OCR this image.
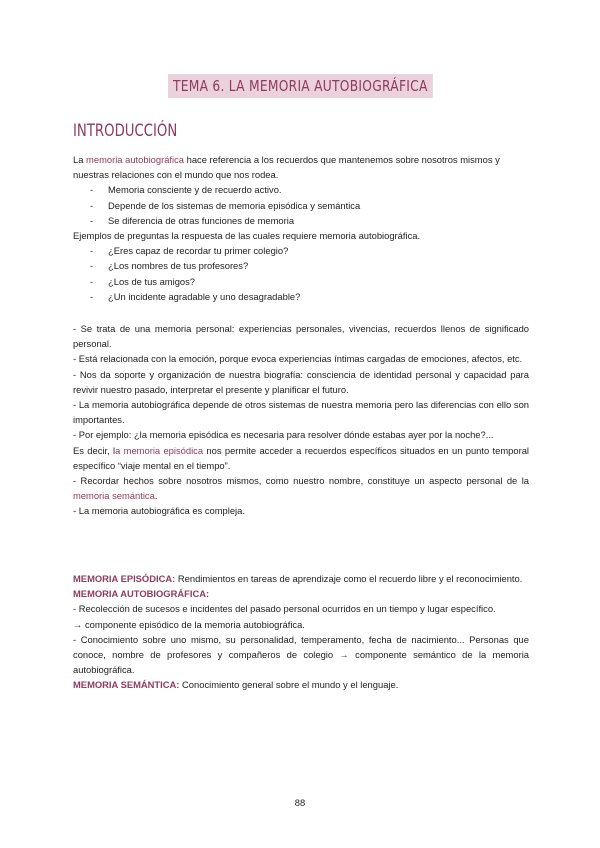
TEMA 6. LA MEMORIA AUTOBIOGRÁFICA
INTRODUCCIÓN

La memoria autobiográfica hace referencia a los recuerdos que mantenemos sobre nosotros mismos y nuestras relaciones con el mundo que nos rodea.

- Memoria consciente y de recuerdo activo.
- Depende de los sistemas de memoria episódica y semántica
- Se diferencia de otras funciones de memoria

Ejemplos de preguntas la respuesta de las cuales requiere memoria autobiográfica.

- ¿Eres capaz de recordar tu primer colegio?
- ¿Los nombres de tus profesores?
- ¿Los de tus amigos?
- ¿Un incidente agradable y uno desagradable?

- Se trata de una memoria personal: experiencias personales, vivencias, recuerdos llenos de significado personal.

- Está relacionada con la emoción, porque evoca experiencias íntimas cargadas de emociones, afectos, etc.

- Nos da soporte y organización de nuestra biografía: consciencia de identidad personal y capacidad para revivir nuestro pasado, interpretar el presente y planificar el futuro.

- La memoria autobiográfica depende de otros sistemas de nuestra memoria pero las diferencias con ello son importantes.

- Por ejemplo: ¿la memoria episódica es necesaria para resolver dónde estabas ayer por la noche?...

Es decir, la memoria episódica nos permite acceder a recuerdos específicos situados en un punto temporal específico “viaje mental en el tiempo”.

- Recordar hechos sobre nosotros mismos, como nuestro nombre, constituye un aspecto personal de la memoria semántica.

- La memoria autobiográfica es compleja.

MEMORIA EPISÓDICA: Rendimientos en tareas de aprendizaje como el recuerdo libre y el reconocimiento.

MEMORIA AUTOBIOGRÁFICA:

- Recolección de sucesos e incidentes del pasado personal ocurridos en un tiempo y lugar específico.

→ componente episódico de la memoria autobiográfica.

- Conocimiento sobre uno mismo, su personalidad, temperamento, fecha de nacimiento... Personas que conoce, nombre de profesores y compañeros de colegio → componente semántico de la memoria autobiográfica.

MEMORIA SEMÁNTICA: Conocimiento general sobre el mundo y el lenguaje.

88
